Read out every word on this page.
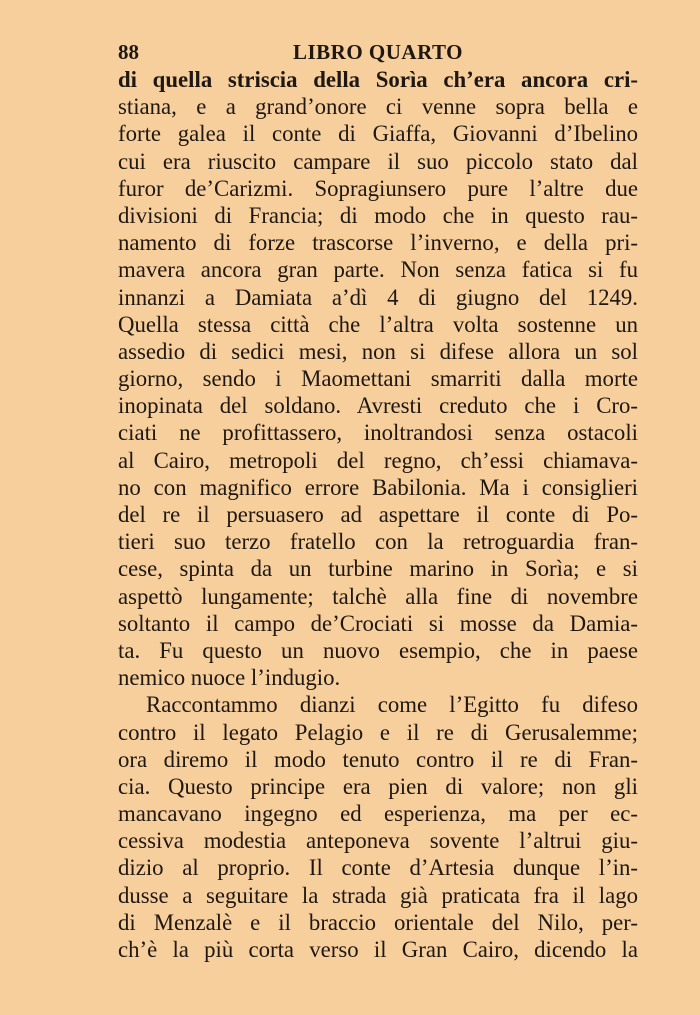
88	LIBRO QUARTO
di quella striscia della Sorìa ch’era ancora cri-
stiana, e a grand’onore ci venne sopra bella e
forte galea il conte di Giaffa, Giovanni d’Ibelino
cui era riuscito campare il suo piccolo stato dal
furor de’Carizmi. Sopragiunsero pure l’altre due
divisioni di Francia; di modo che in questo rau-
namento di forze trascorse l’inverno, e della pri-
mavera ancora gran parte. Non senza fatica si fu
innanzi a Damiata a’dì 4 di giugno del 1249.
Quella stessa città che l’altra volta sostenne un
assedio di sedici mesi, non si difese allora un sol
giorno, sendo i Maomettani smarriti dalla morte
inopinata del soldano. Avresti creduto che i Cro-
ciati ne profittassero, inoltrandosi senza ostacoli
al Cairo, metropoli del regno, ch’essi chiamava-
no con magnifico errore Babilonia. Ma i consiglieri
del re il persuasero ad aspettare il conte di Po-
tieri suo terzo fratello con la retroguardia fran-
cese, spinta da un turbine marino in Sorìa; e si
aspettò lungamente; talchè alla fine di novembre
soltanto il campo de’Crociati si mosse da Damia-
ta. Fu questo un nuovo esempio, che in paese
nemico nuoce l’indugio.
Raccontammo dianzi come l’Egitto fu difeso
contro il legato Pelagio e il re di Gerusalemme;
ora diremo il modo tenuto contro il re di Fran-
cia. Questo principe era pien di valore; non gli
mancavano ingegno ed esperienza, ma per ec-
cessiva modestia anteponeva sovente l’altrui giu-
dizio al proprio. Il conte d’Artesia dunque l’in-
dusse a seguitare la strada già praticata fra il lago
di Menzalè e il braccio orientale del Nilo, per-
ch’è la più corta verso il Gran Cairo, dicendo la
